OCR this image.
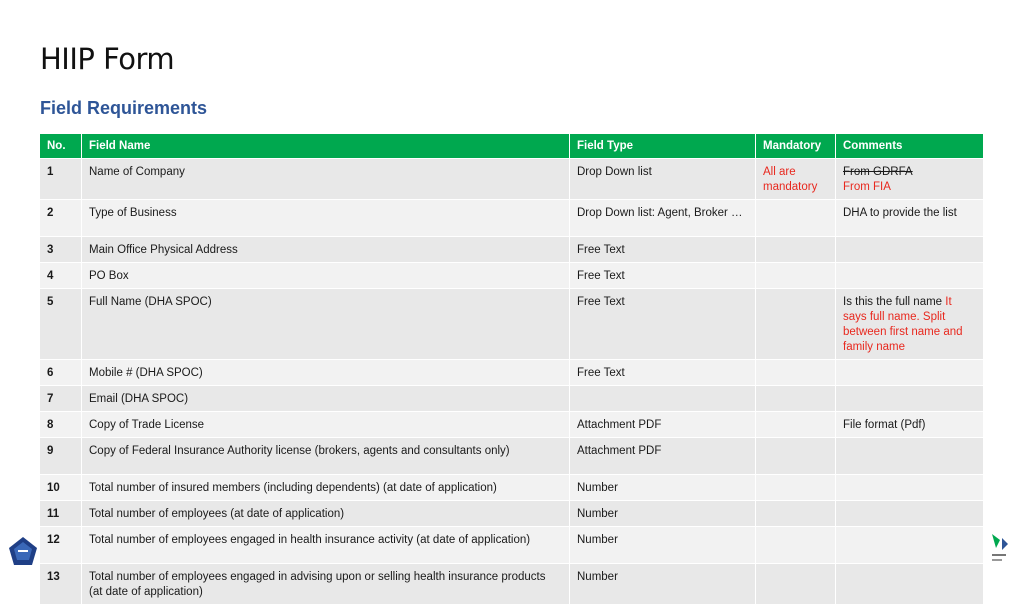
HIIP Form
Field Requirements
No.	Field Name	Field Type	Mandatory	Comments
1	Name of Company	Drop Down list	All are mandatory	From GDRFA
From FIA

2	Type of Business	Drop Down list: Agent, Broker …		DHA to provide the list
3	Main Office Physical Address	Free Text		
4	PO Box	Free Text		
5	Full Name (DHA SPOC)	Free Text		Is this the full name It says full name. Split between first name and family name
6	Mobile # (DHA SPOC)	Free Text		
7	Email (DHA SPOC)			
8	Copy of Trade License	Attachment PDF		File format (Pdf)
9	Copy of Federal Insurance Authority license (brokers, agents and consultants only)	Attachment PDF		
10	Total number of insured members (including dependents) (at date of application)	Number		
11	Total number of employees (at date of application)	Number		
12	Total number of employees engaged in health insurance activity (at date of application)	Number		
13	Total number of employees engaged in advising upon or selling health insurance products (at date of application)	Number		
